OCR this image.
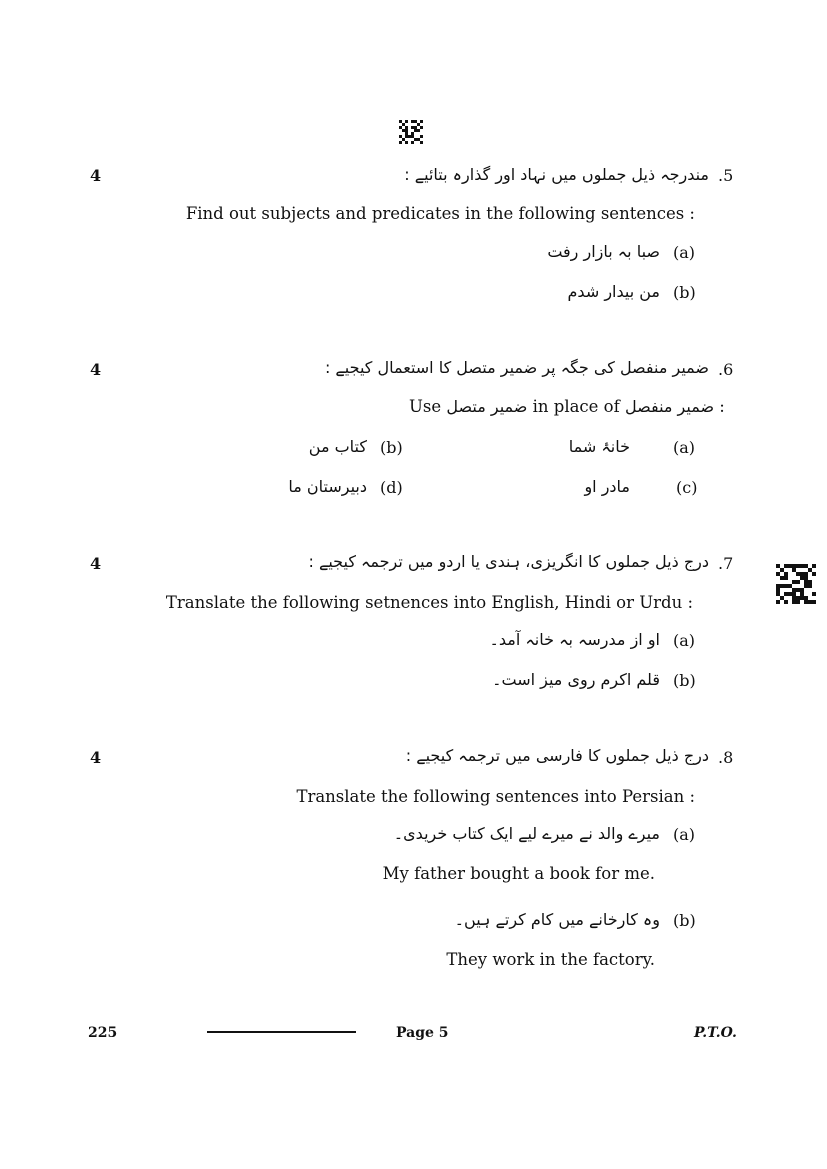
4	.5
مندرجہ ذیل جملوں میں نہاد اور گذارہ بتائیے :
Find out subjects and predicates in the following sentences :
(a)
صبا بہ بازار رفت
(b)
من بیدار شدم
4	.6
ضمیر منفصل کی جگہ پر ضمیر متصل کا استعمال کیجیے :
Use ضمیر متصل in place of ضمیر منفصل :
(a)
خانۂ شما
(b)
کتاب من
(c)
مادر او
(d)
دبیرستان ما
4	.7
درج ذیل جملوں کا انگریزی، ہندی یا اردو میں ترجمہ کیجیے :
Translate the following setnences into English, Hindi or Urdu :
(a)
او از مدرسہ بہ خانہ آمد۔
(b)
قلم اکرم روی میز است۔
4	.8
درج ذیل جملوں کا فارسی میں ترجمہ کیجیے :
Translate the following sentences into Persian :
(a)
میرے والد نے میرے لیے ایک کتاب خریدی۔
My father bought a book for me.
(b)
وہ کارخانے میں کام کرتے ہیں۔
They work in the factory.
225	Page 5	P.T.O.
